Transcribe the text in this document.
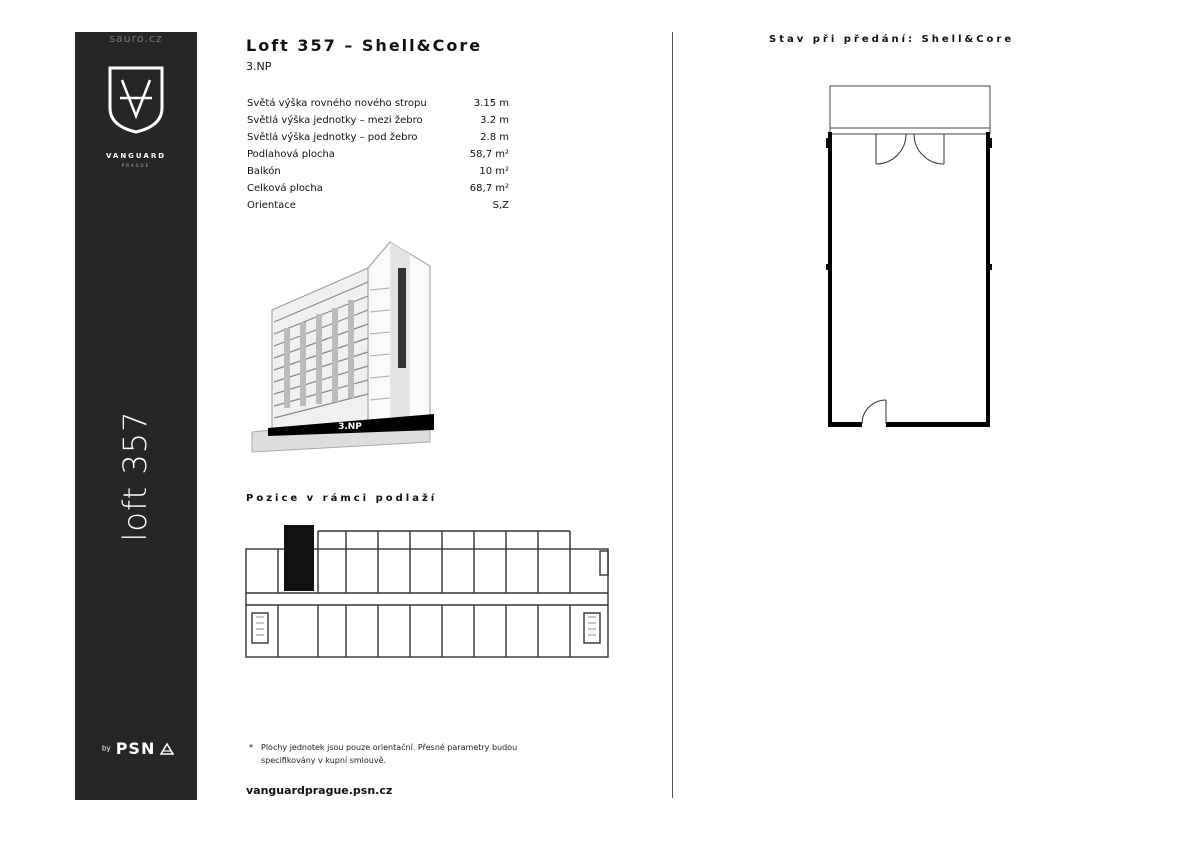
sauro.cz
VANGUARD
PRAGUE
loft 357
by PSN
Loft 357 – Shell&Core
3.NP
Světá výška rovného nového stropu	3.15 m
Světlá výška jednotky – mezi žebro	3.2 m
Světlá výška jednotky – pod žebro	2.8 m
Podlahová plocha	58,7 m²
Balkón	10 m²
Celková plocha	68,7 m²
Orientace	S,Z
3.NP
Pozice v rámci podlaží
* Plochy jednotek jsou pouze orientační. Přesné parametry budou specifikovány v kupní smlouvě.
vanguardprague.psn.cz
Stav při předání: Shell&Core
